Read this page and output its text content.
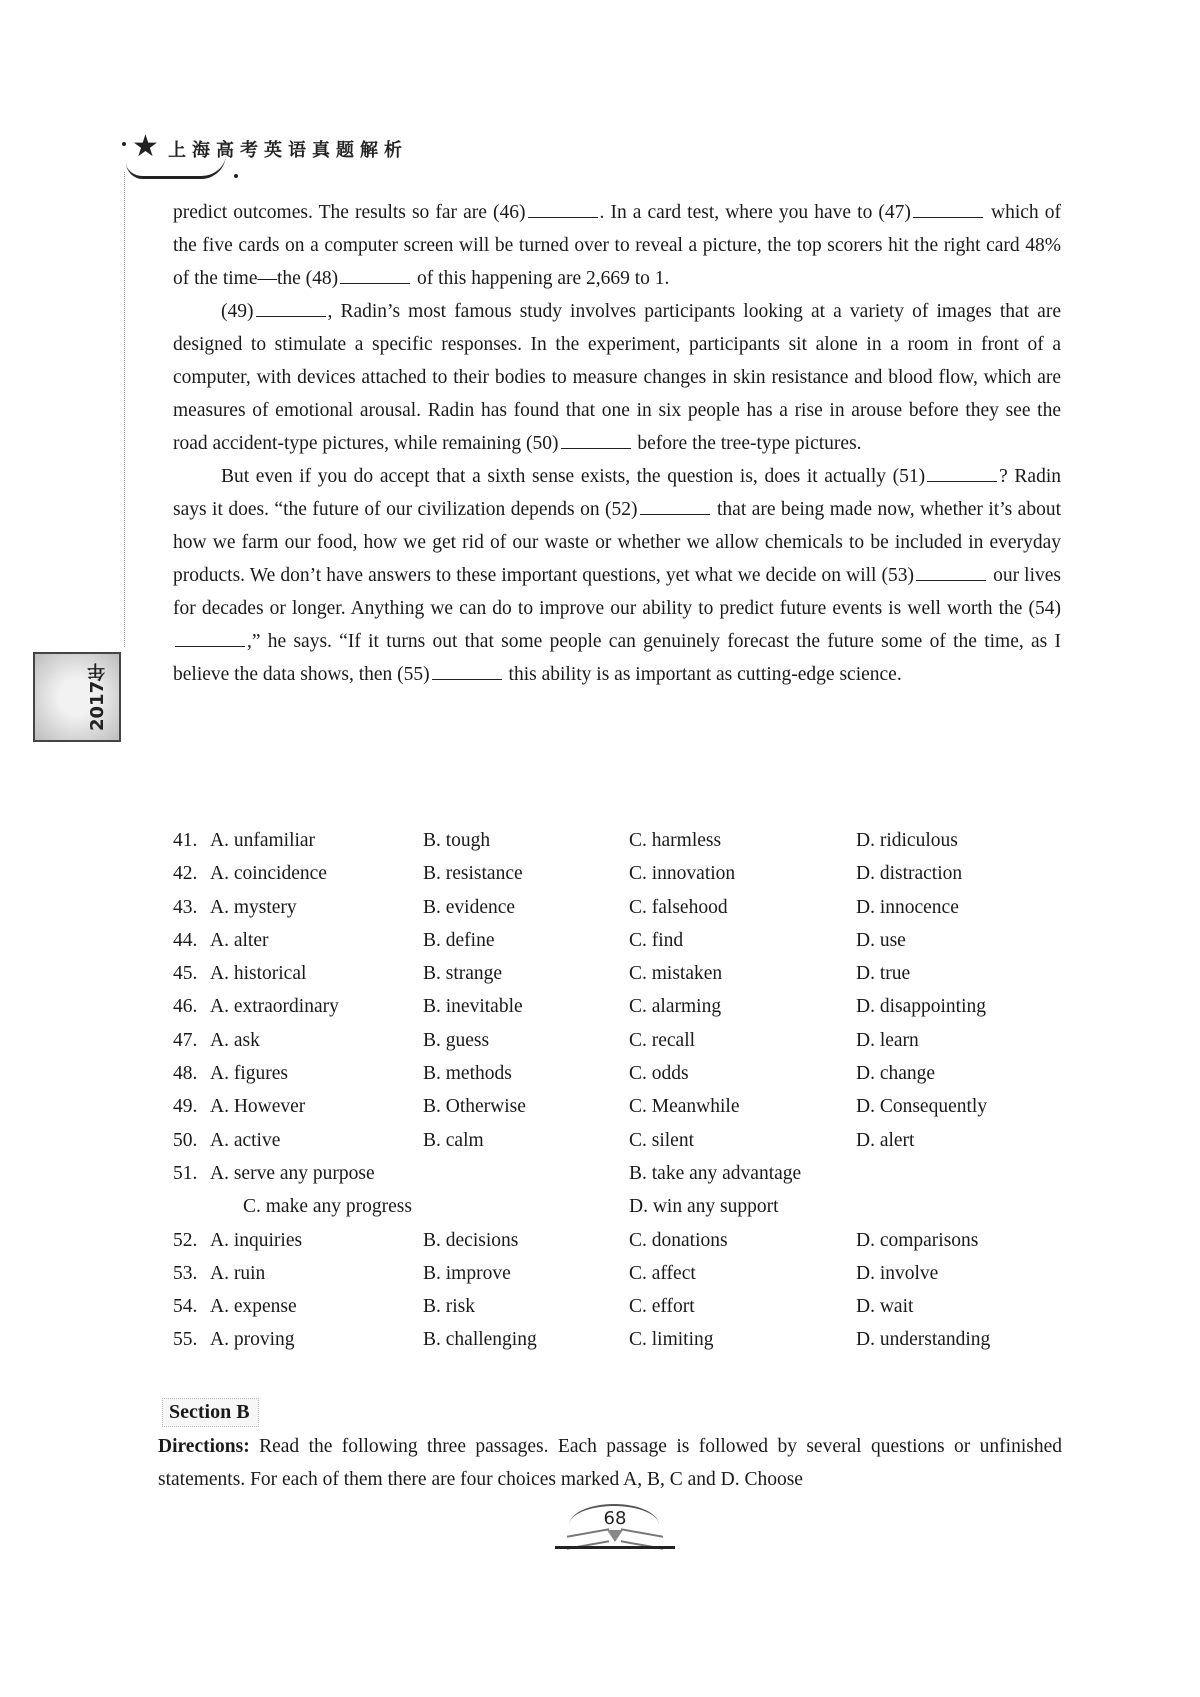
★ 上海高考英语真题解析
2017年

predict outcomes. The results so far are (46)	. In a card test, where you have to (47)	which of the five cards on a computer screen will be turned over to reveal a picture, the top scorers hit the right card 48% of the time—the (48)	of this happening are 2,669 to 1.

(49)	, Radin’s most famous study involves participants looking at a variety of images that are designed to stimulate a specific responses. In the experiment, participants sit alone in a room in front of a computer, with devices attached to their bodies to measure changes in skin resistance and blood flow, which are measures of emotional arousal. Radin has found that one in six people has a rise in arouse before they see the road accident-type pictures, while remaining (50)	before the tree-type pictures.

But even if you do accept that a sixth sense exists, the question is, does it actually (51)	? Radin says it does. “the future of our civilization depends on (52)	that are being made now, whether it’s about how we farm our food, how we get rid of our waste or whether we allow chemicals to be included in everyday products. We don’t have answers to these important questions, yet what we decide on will (53)	our lives for decades or longer. Anything we can do to improve our ability to predict future events is well worth the (54),” he says. “If it turns out that some people can genuinely forecast the future some of the time, as I believe the data shows, then (55)	this ability is as important as cutting-edge science.

41. A. unfamiliar	B. tough	C. harmless	D. ridiculous
42. A. coincidence	B. resistance	C. innovation	D. distraction
43. A. mystery	B. evidence	C. falsehood	D. innocence
44. A. alter	B. define	C. find	D. use
45. A. historical	B. strange	C. mistaken	D. true
46. A. extraordinary	B. inevitable	C. alarming	D. disappointing
47. A. ask	B. guess	C. recall	D. learn
48. A. figures	B. methods	C. odds	D. change
49. A. However	B. Otherwise	C. Meanwhile	D. Consequently
50. A. active	B. calm	C. silent	D. alert
51. A. serve any purpose	B. take any advantage
C. make any progress	D. win any support
52. A. inquiries	B. decisions	C. donations	D. comparisons
53. A. ruin	B. improve	C. affect	D. involve
54. A. expense	B. risk	C. effort	D. wait
55. A. proving	B. challenging	C. limiting	D. understanding
Section B
Directions: Read the following three passages. Each passage is followed by several questions or unfinished statements. For each of them there are four choices marked A, B, C and D. Choose
68
